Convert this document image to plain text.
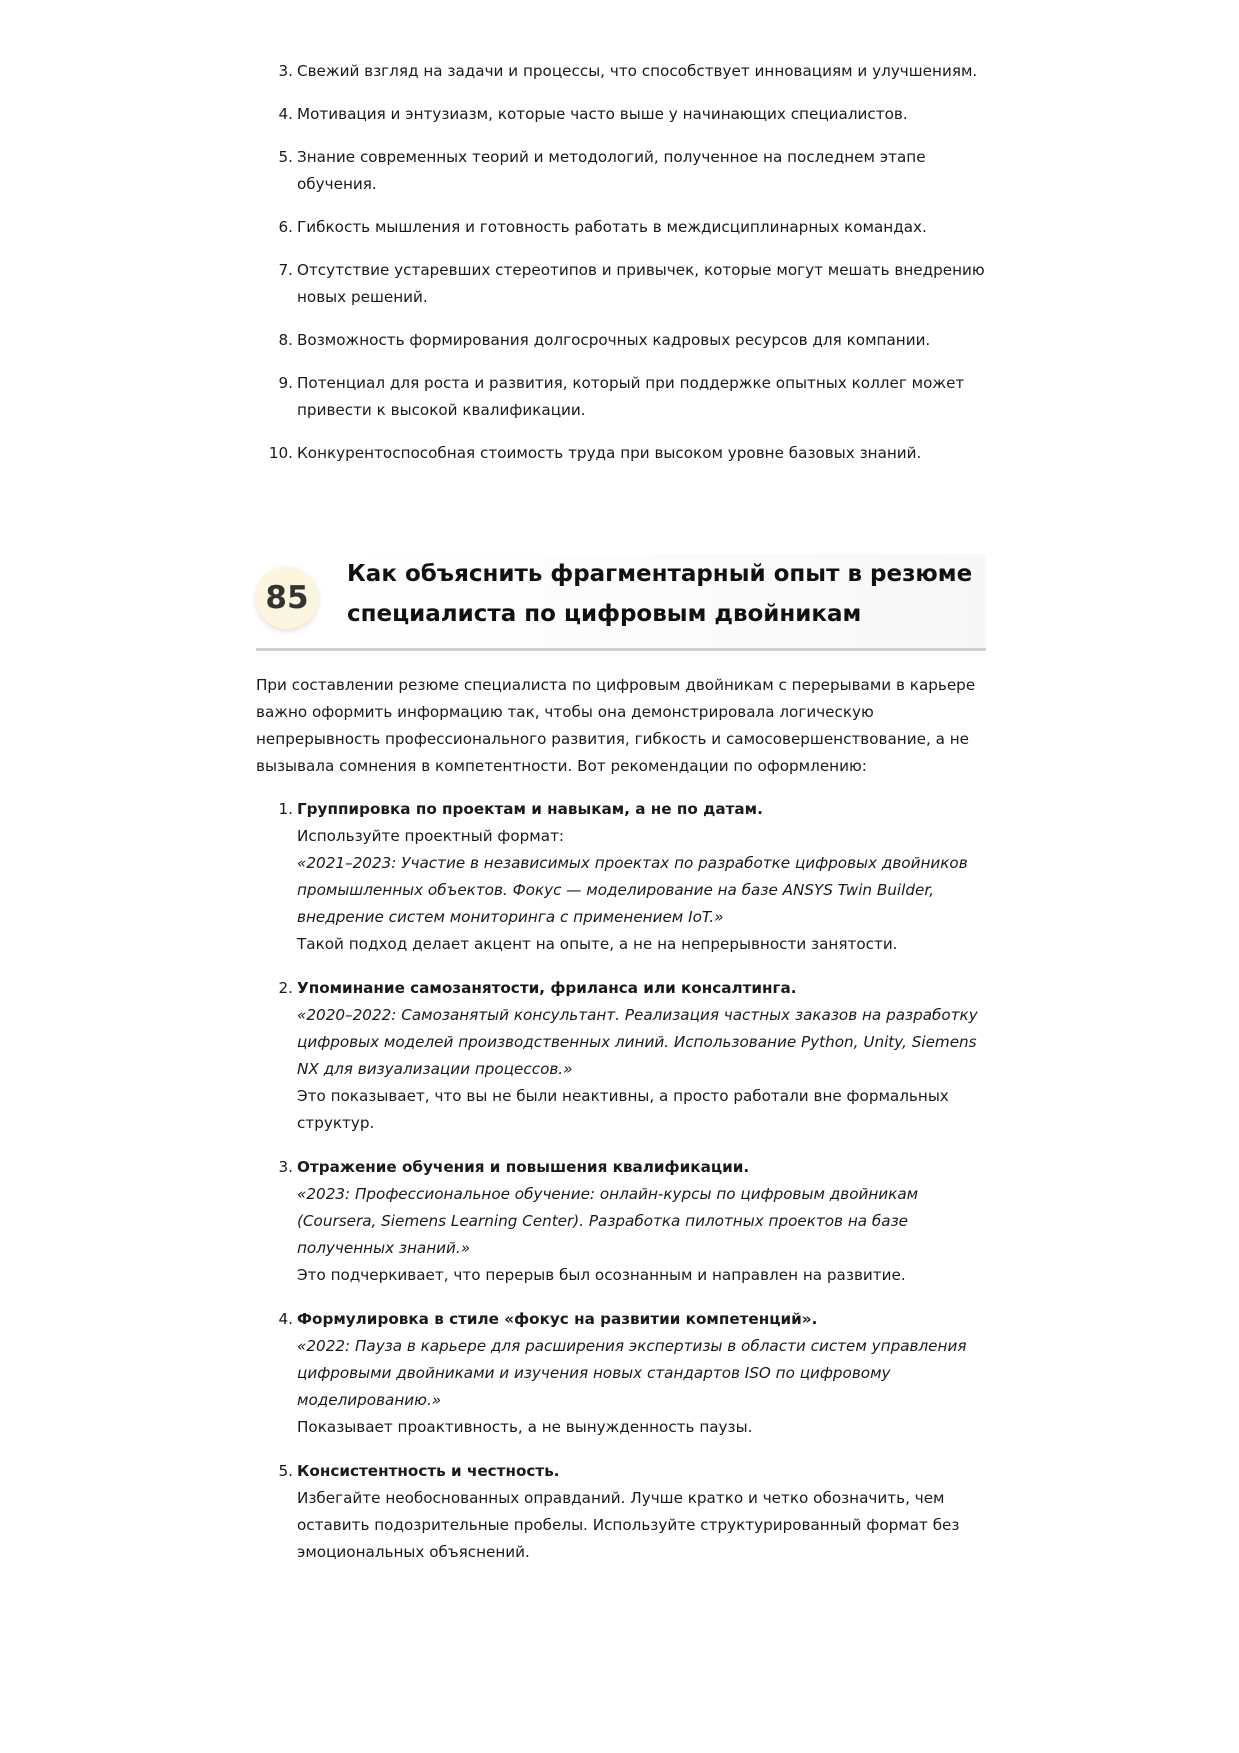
3. Свежий взгляд на задачи и процессы, что способствует инновациям и улучшениям.
4. Мотивация и энтузиазм, которые часто выше у начинающих специалистов.
5. Знание современных теорий и методологий, полученное на последнем этапе обучения.
6. Гибкость мышления и готовность работать в междисциплинарных командах.
7. Отсутствие устаревших стереотипов и привычек, которые могут мешать внедрению новых решений.
8. Возможность формирования долгосрочных кадровых ресурсов для компании.
9. Потенциал для роста и развития, который при поддержке опытных коллег может привести к высокой квалификации.
10. Конкурентоспособная стоимость труда при высоком уровне базовых знаний.
85
Как объяснить фрагментарный опыт в резюме специалиста по цифровым двойникам

При составлении резюме специалиста по цифровым двойникам с перерывами в карьере важно оформить информацию так, чтобы она демонстрировала логическую непрерывность профессионального развития, гибкость и самосовершенствование, а не вызывала сомнения в компетентности. Вот рекомендации по оформлению:

1. Группировка по проектам и навыкам, а не по датам.
Используйте проектный формат:
«2021–2023: Участие в независимых проектах по разработке цифровых двойников промышленных объектов. Фокус — моделирование на базе ANSYS Twin Builder, внедрение систем мониторинга с применением IoT.»
Такой подход делает акцент на опыте, а не на непрерывности занятости.
2. Упоминание самозанятости, фриланса или консалтинга.
«2020–2022: Самозанятый консультант. Реализация частных заказов на разработку цифровых моделей производственных линий. Использование Python, Unity, Siemens NX для визуализации процессов.»
Это показывает, что вы не были неактивны, а просто работали вне формальных структур.
3. Отражение обучения и повышения квалификации.
«2023: Профессиональное обучение: онлайн-курсы по цифровым двойникам (Coursera, Siemens Learning Center). Разработка пилотных проектов на базе полученных знаний.»
Это подчеркивает, что перерыв был осознанным и направлен на развитие.
4. Формулировка в стиле «фокус на развитии компетенций».
«2022: Пауза в карьере для расширения экспертизы в области систем управления цифровыми двойниками и изучения новых стандартов ISO по цифровому моделированию.»
Показывает проактивность, а не вынужденность паузы.
5. Консистентность и честность.
Избегайте необоснованных оправданий. Лучше кратко и четко обозначить, чем оставить подозрительные пробелы. Используйте структурированный формат без эмоциональных объяснений.
